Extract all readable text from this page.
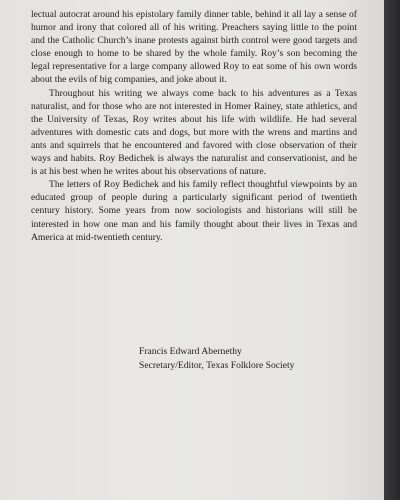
lectual autocrat around his epistolary family dinner table, behind it all lay a sense of humor and irony that colored all of his writing. Preachers saying little to the point and the Catholic Church’s inane protests against birth control were good targets and close enough to home to be shared by the whole family. Roy’s son becoming the legal representative for a large company allowed Roy to eat some of his own words about the evils of big companies, and joke about it.

Throughout his writing we always come back to his adventures as a Texas naturalist, and for those who are not interested in Homer Rainey, state athletics, and the University of Texas, Roy writes about his life with wildlife. He had several adventures with domestic cats and dogs, but more with the wrens and martins and ants and squirrels that he encountered and favored with close observation of their ways and habits. Roy Bedichek is always the naturalist and conservationist, and he is at his best when he writes about his observations of nature.

The letters of Roy Bedichek and his family reflect thoughtful viewpoints by an educated group of people during a particularly significant period of twentieth century history. Some years from now sociologists and historians will still be interested in how one man and his family thought about their lives in Texas and America at mid-twentieth century.

Francis Edward Abernethy
Secretary/Editor, Texas Folklore Society
